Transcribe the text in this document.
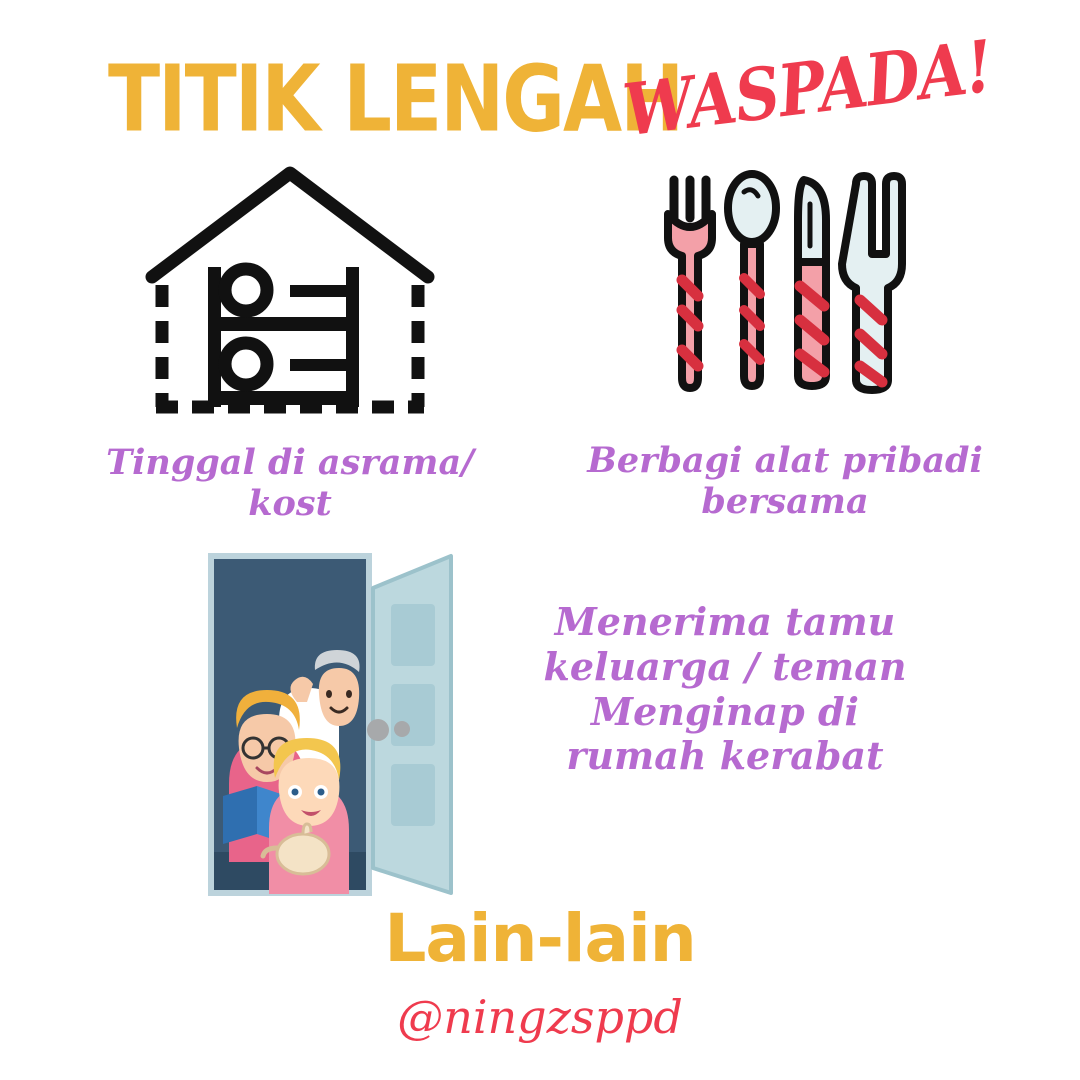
TITIK LENGAH
WASPADA!
Tinggal di asrama/ kost
Berbagi alat pribadi bersama
Menerima tamu
keluarga / teman
Menginap di
rumah kerabat
Lain-lain
@ningzsppd
